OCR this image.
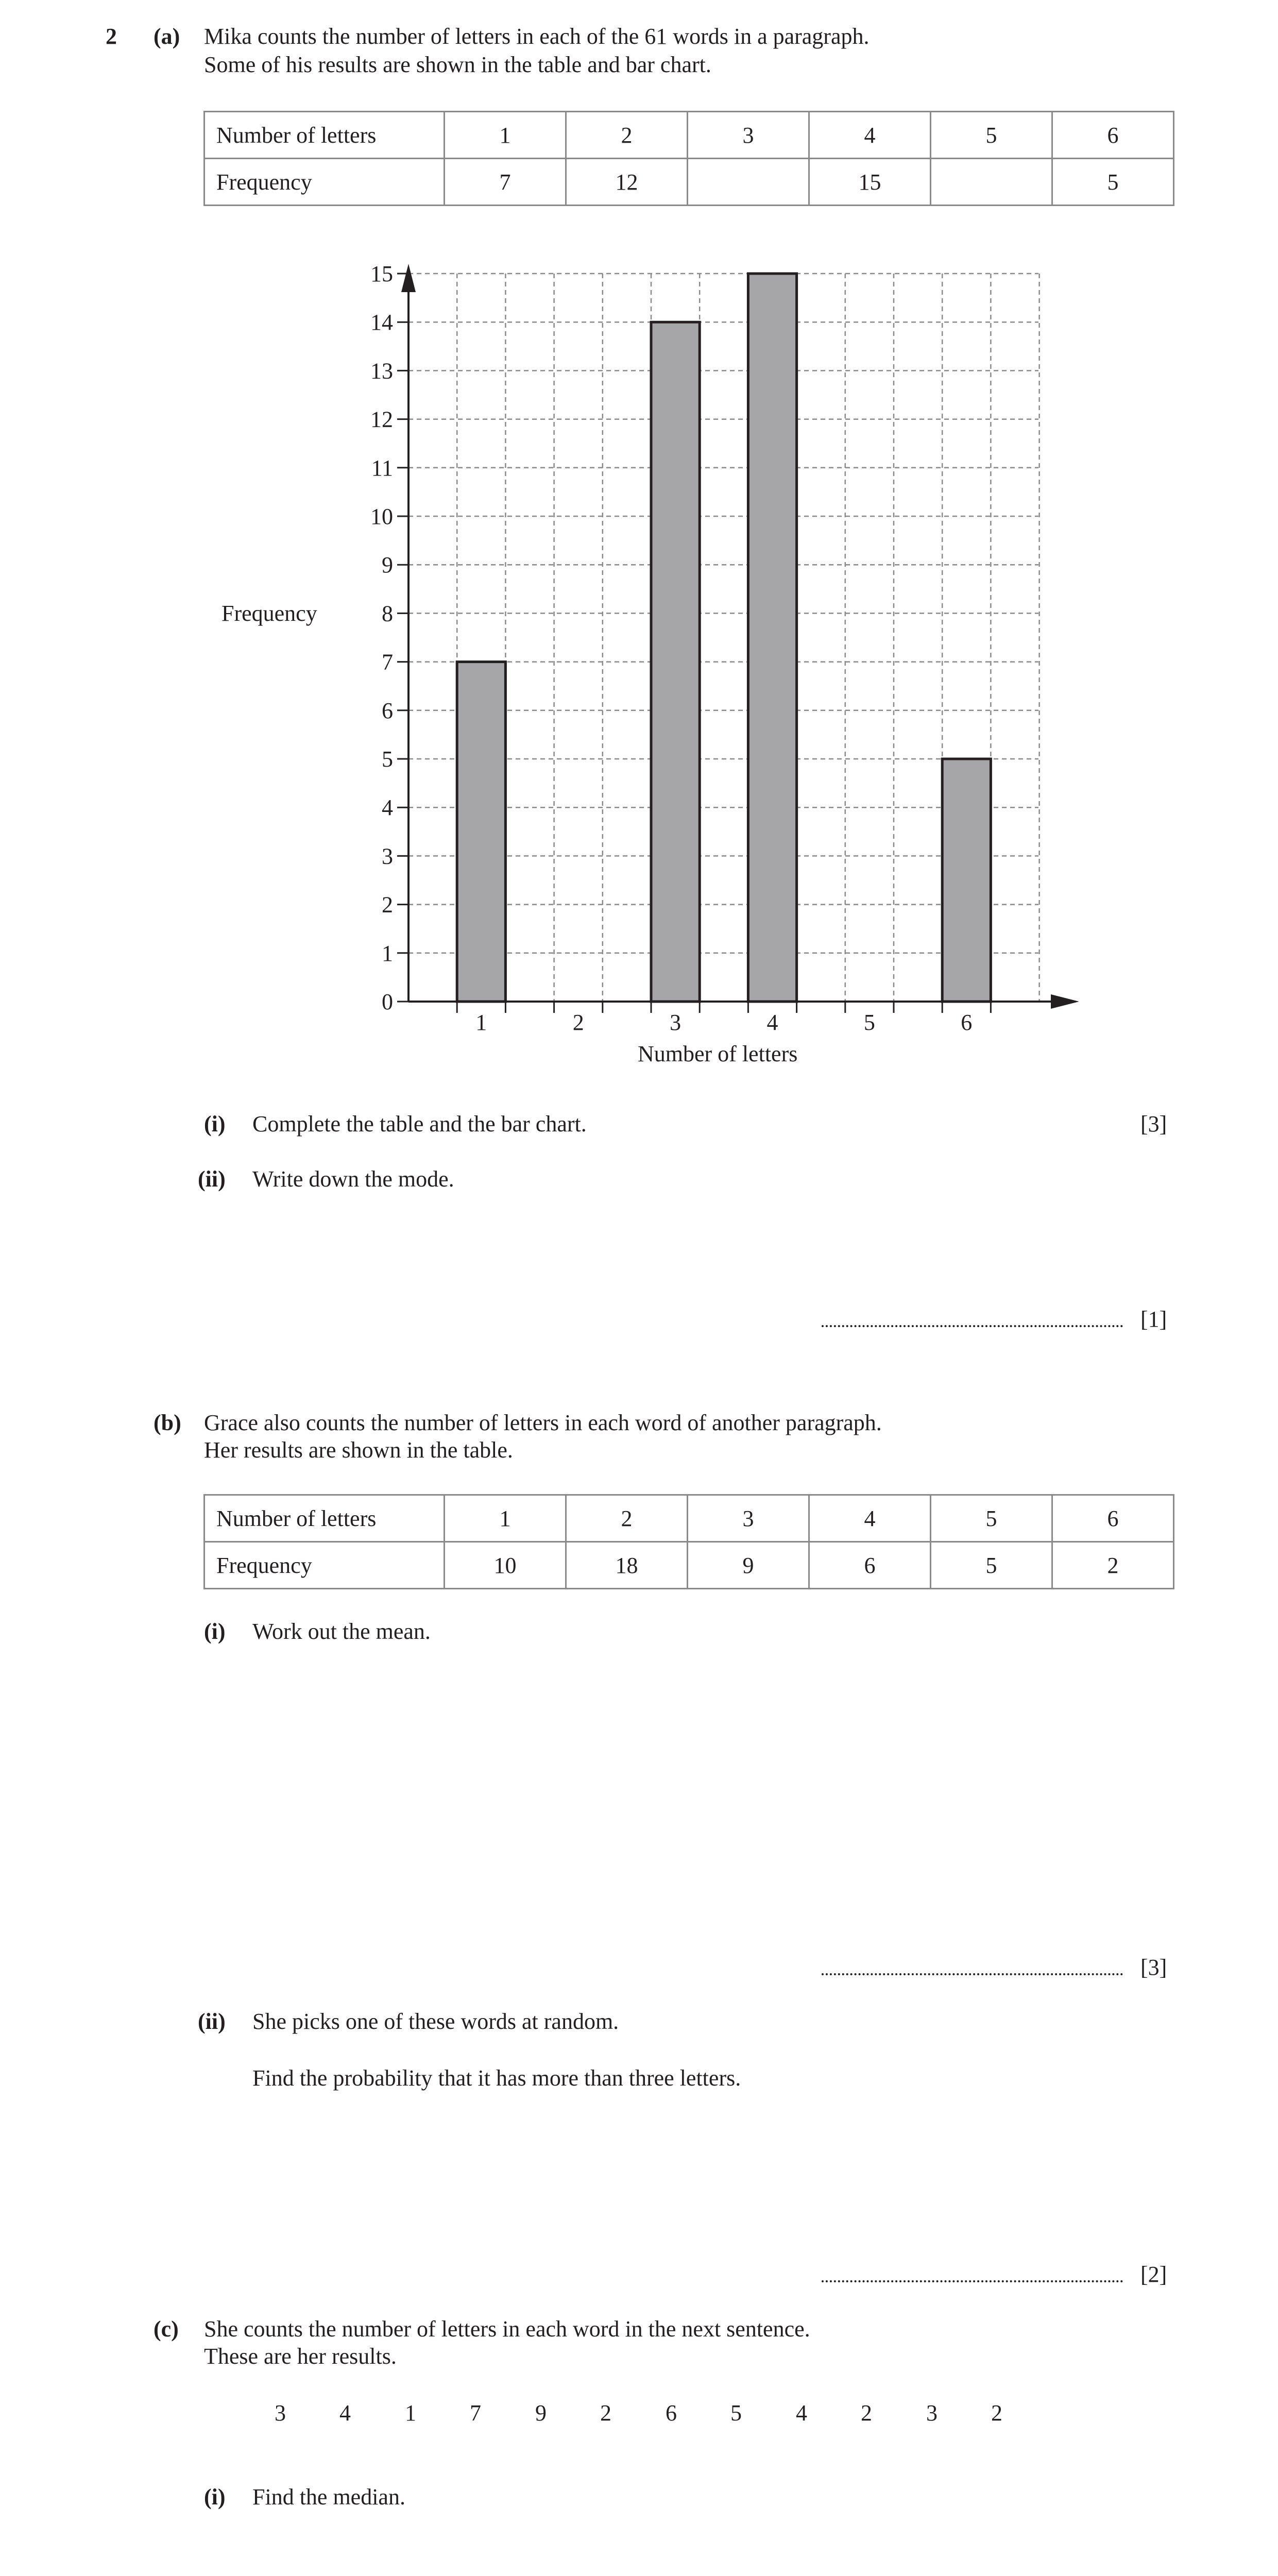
2 (a) Mika counts the number of letters in each of the 61 words in a paragraph.
Some of his results are shown in the table and bar chart.
Number of letters	1	2	3	4	5	6
Frequency	7	12		15		5
0
1
2
3
4
5
6
7
8
9
10
11
12
13
14
15
1	2	3	4	5	6
Frequency
Number of letters
(i) Complete the table and the bar chart.	[3]
(ii) Write down the mode.
[1]
(b) Grace also counts the number of letters in each word of another paragraph.
Her results are shown in the table.
Number of letters	1	2	3	4	5	6
Frequency	10	18	9	6	5	2
(i) Work out the mean.
[3]
(ii) She picks one of these words at random.
Find the probability that it has more than three letters.
[2]
(c) She counts the number of letters in each word in the next sentence.
These are her results.
3 4 1 7 9 2 6 5 4 2 3 2
(i) Find the median.
